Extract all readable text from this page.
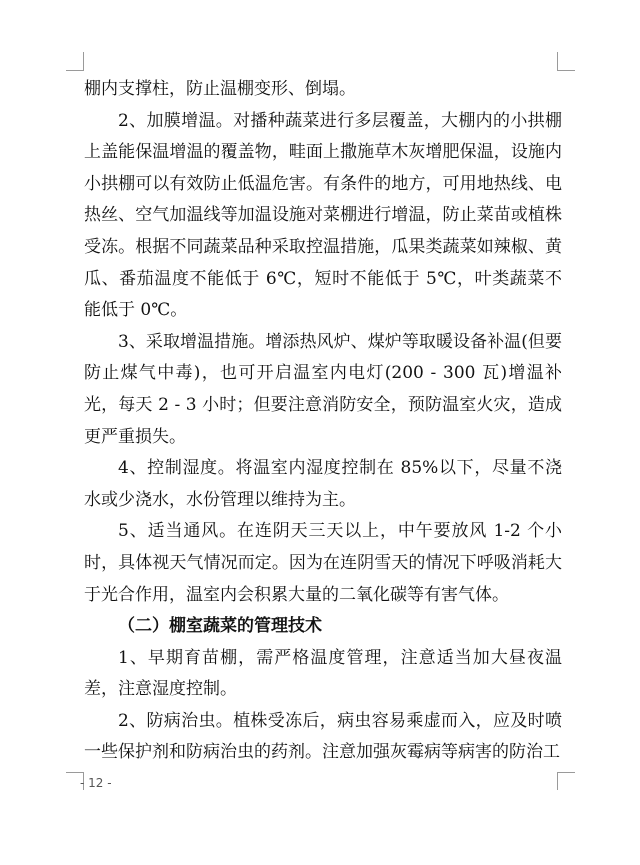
棚内支撑柱，防止温棚变形、倒塌。

2、加膜增温。对播种蔬菜进行多层覆盖，大棚内的小拱棚上盖能保温增温的覆盖物，畦面上撒施草木灰增肥保温，设施内小拱棚可以有效防止低温危害。有条件的地方，可用地热线、电热丝、空气加温线等加温设施对菜棚进行增温，防止菜苗或植株受冻。根据不同蔬菜品种采取控温措施，瓜果类蔬菜如辣椒、黄瓜、番茄温度不能低于 6℃，短时不能低于 5℃，叶类蔬菜不能低于 0℃。

3、采取增温措施。增添热风炉、煤炉等取暖设备补温(但要防止煤气中毒)，也可开启温室内电灯(200 - 300 瓦)增温补光，每天 2 - 3 小时；但要注意消防安全，预防温室火灾，造成更严重损失。

4、控制湿度。将温室内湿度控制在 85%以下，尽量不浇水或少浇水，水份管理以维持为主。

5、适当通风。在连阴天三天以上，中午要放风 1-2 个小时，具体视天气情况而定。因为在连阴雪天的情况下呼吸消耗大于光合作用，温室内会积累大量的二氧化碳等有害气体。

（二）棚室蔬菜的管理技术

1、早期育苗棚，需严格温度管理，注意适当加大昼夜温差，注意湿度控制。

2、防病治虫。植株受冻后，病虫容易乘虚而入，应及时喷一些保护剂和防病治虫的药剂。注意加强灰霉病等病害的防治工

- 12 -
